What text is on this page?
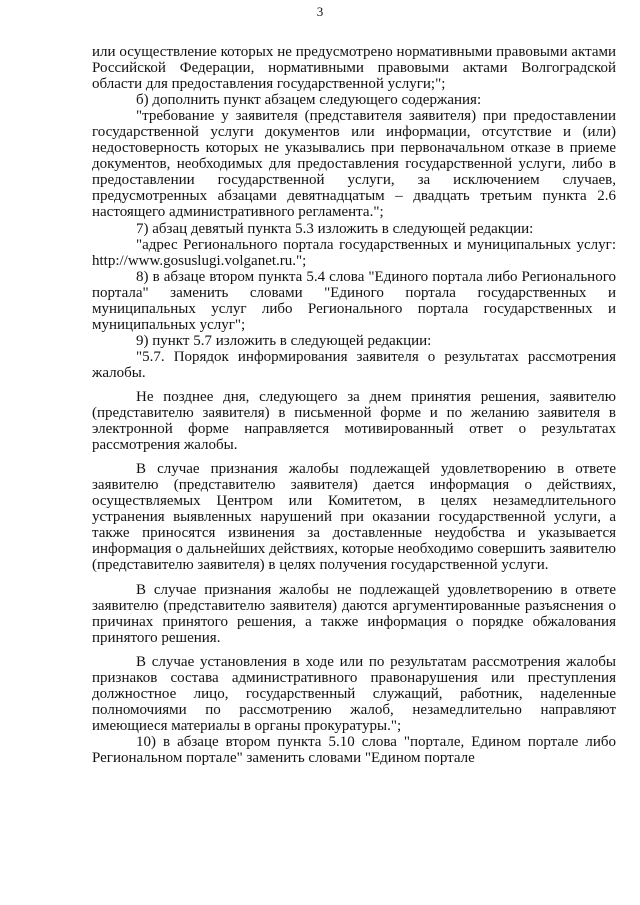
3

или осуществление которых не предусмотрено нормативными правовыми актами Российской Федерации, нормативными правовыми актами Волгоградской области для предоставления государственной услуги;";

б) дополнить пункт абзацем следующего содержания:

"требование у заявителя (представителя заявителя) при предоставлении государственной услуги документов или информации, отсутствие и (или) недостоверность которых не указывались при первоначальном отказе в приеме документов, необходимых для предоставления государственной услуги, либо в предоставлении государственной услуги, за исключением случаев, предусмотренных абзацами девятнадцатым – двадцать третьим пункта 2.6 настоящего административного регламента.";

7) абзац девятый пункта 5.3 изложить в следующей редакции:

"адрес Регионального портала государственных и муниципальных услуг: http://www.gosuslugi.volganet.ru.";

8) в абзаце втором пункта 5.4 слова "Единого портала либо Регионального портала" заменить словами "Единого портала государственных и муниципальных услуг либо Регионального портала государственных и муниципальных услуг";

9) пункт 5.7 изложить в следующей редакции:

"5.7. Порядок информирования заявителя о результатах рассмотрения жалобы.

Не позднее дня, следующего за днем принятия решения, заявителю (представителю заявителя) в письменной форме и по желанию заявителя в электронной форме направляется мотивированный ответ о результатах рассмотрения жалобы.

В случае признания жалобы подлежащей удовлетворению в ответе заявителю (представителю заявителя) дается информация о действиях, осуществляемых Центром или Комитетом, в целях незамедлительного устранения выявленных нарушений при оказании государственной услуги, а также приносятся извинения за доставленные неудобства и указывается информация о дальнейших действиях, которые необходимо совершить заявителю (представителю заявителя) в целях получения государственной услуги.

В случае признания жалобы не подлежащей удовлетворению в ответе заявителю (представителю заявителя) даются аргументированные разъяснения о причинах принятого решения, а также информация о порядке обжалования принятого решения.

В случае установления в ходе или по результатам рассмотрения жалобы признаков состава административного правонарушения или преступления должностное лицо, государственный служащий, работник, наделенные полномочиями по рассмотрению жалоб, незамедлительно направляют имеющиеся материалы в органы прокуратуры.";

10) в абзаце втором пункта 5.10 слова "портале, Едином портале либо Региональном портале" заменить словами "Едином портале
